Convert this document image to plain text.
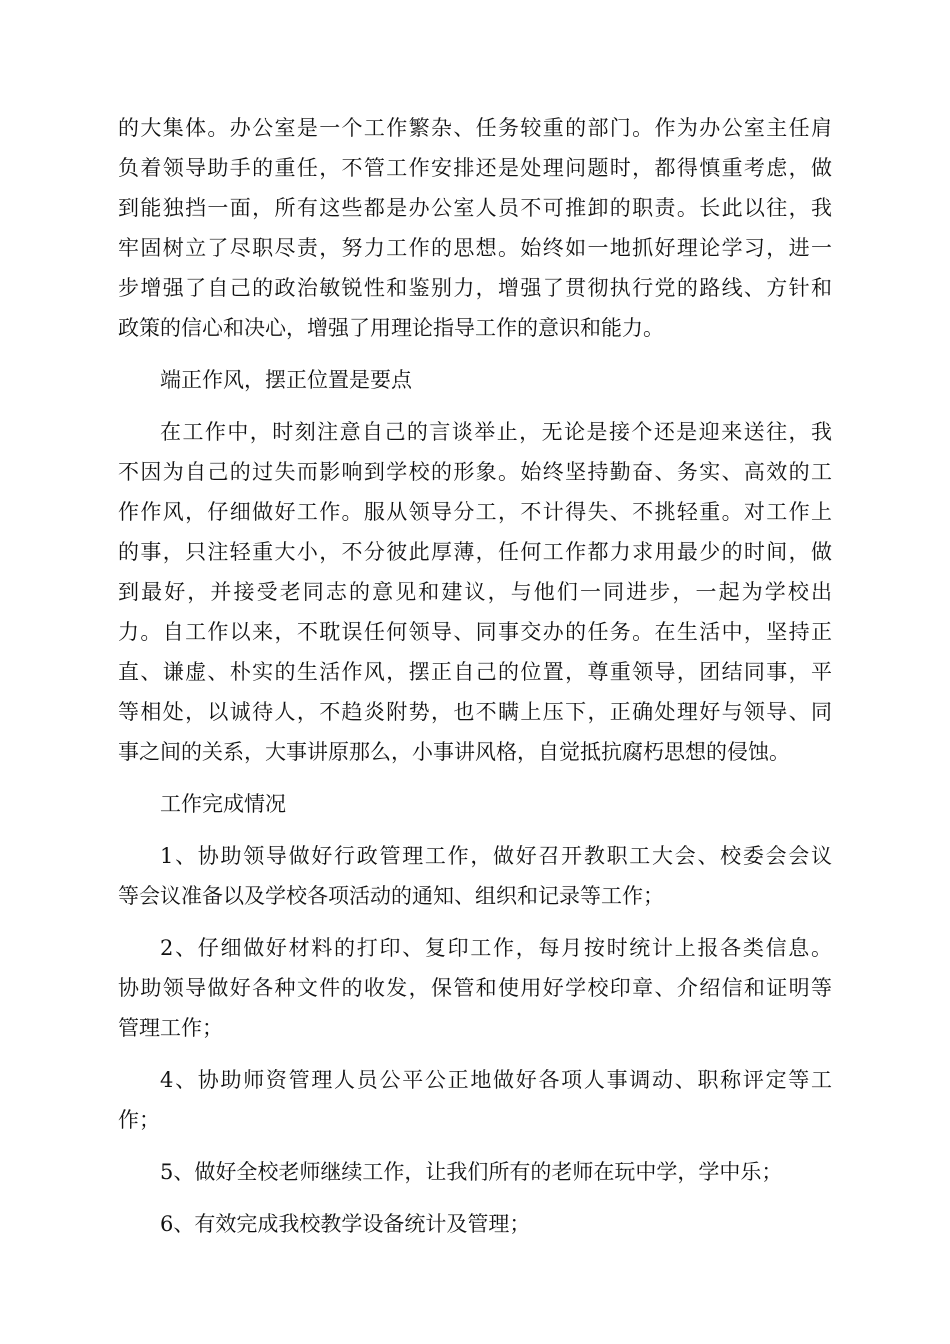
的大集体。办公室是一个工作繁杂、任务较重的部门。作为办公室主任肩
负着领导助手的重任，不管工作安排还是处理问题时，都得慎重考虑，做
到能独挡一面，所有这些都是办公室人员不可推卸的职责。长此以往，我
牢固树立了尽职尽责，努力工作的思想。始终如一地抓好理论学习，进一
步增强了自己的政治敏锐性和鉴别力，增强了贯彻执行党的路线、方针和
政策的信心和决心，增强了用理论指导工作的意识和能力。
端正作风，摆正位置是要点
在工作中，时刻注意自己的言谈举止，无论是接个还是迎来送往，我
不因为自己的过失而影响到学校的形象。始终坚持勤奋、务实、高效的工
作作风，仔细做好工作。服从领导分工，不计得失、不挑轻重。对工作上
的事，只注轻重大小，不分彼此厚薄，任何工作都力求用最少的时间，做
到最好，并接受老同志的意见和建议，与他们一同进步，一起为学校出
力。自工作以来，不耽误任何领导、同事交办的任务。在生活中，坚持正
直、谦虚、朴实的生活作风，摆正自己的位置，尊重领导，团结同事，平
等相处，以诚待人，不趋炎附势，也不瞒上压下，正确处理好与领导、同
事之间的关系，大事讲原那么，小事讲风格，自觉抵抗腐朽思想的侵蚀。
工作完成情况
1、协助领导做好行政管理工作，做好召开教职工大会、校委会会议
等会议准备以及学校各项活动的通知、组织和记录等工作；
2、仔细做好材料的打印、复印工作，每月按时统计上报各类信息。
协助领导做好各种文件的收发，保管和使用好学校印章、介绍信和证明等
管理工作；
4、协助师资管理人员公平公正地做好各项人事调动、职称评定等工
作；
5、做好全校老师继续工作，让我们所有的老师在玩中学，学中乐；
6、有效完成我校教学设备统计及管理；
